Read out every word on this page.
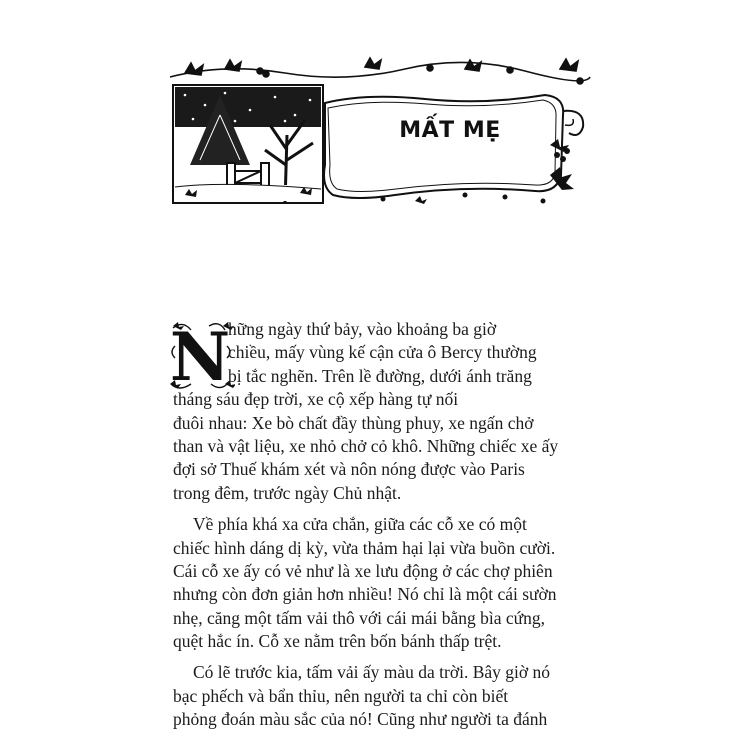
MẤT MẸ
N
hững ngày thứ bảy, vào khoảng ba giờ
chiều, mấy vùng kế cận cửa ô Bercy thường
bị tắc nghẽn. Trên lề đường, dưới ánh trăng
tháng sáu đẹp trời, xe cộ xếp hàng tự nối
đuôi nhau: Xe bò chất đầy thùng phuy, xe ngấn chở
than và vật liệu, xe nhỏ chở cỏ khô. Những chiếc xe ấy
đợi sở Thuế khám xét và nôn nóng được vào Paris
trong đêm, trước ngày Chủ nhật.
Về phía khá xa cửa chắn, giữa các cỗ xe có một
chiếc hình dáng dị kỳ, vừa thảm hại lại vừa buồn cười.
Cái cỗ xe ấy có vẻ như là xe lưu động ở các chợ phiên
nhưng còn đơn giản hơn nhiều! Nó chỉ là một cái sườn
nhẹ, căng một tấm vải thô với cái mái bằng bìa cứng,
quệt hắc ín. Cỗ xe nằm trên bốn bánh thấp trệt.
Có lẽ trước kia, tấm vải ấy màu da trời. Bây giờ nó
bạc phếch và bẩn thỉu, nên người ta chỉ còn biết
phỏng đoán màu sắc của nó! Cũng như người ta đánh
